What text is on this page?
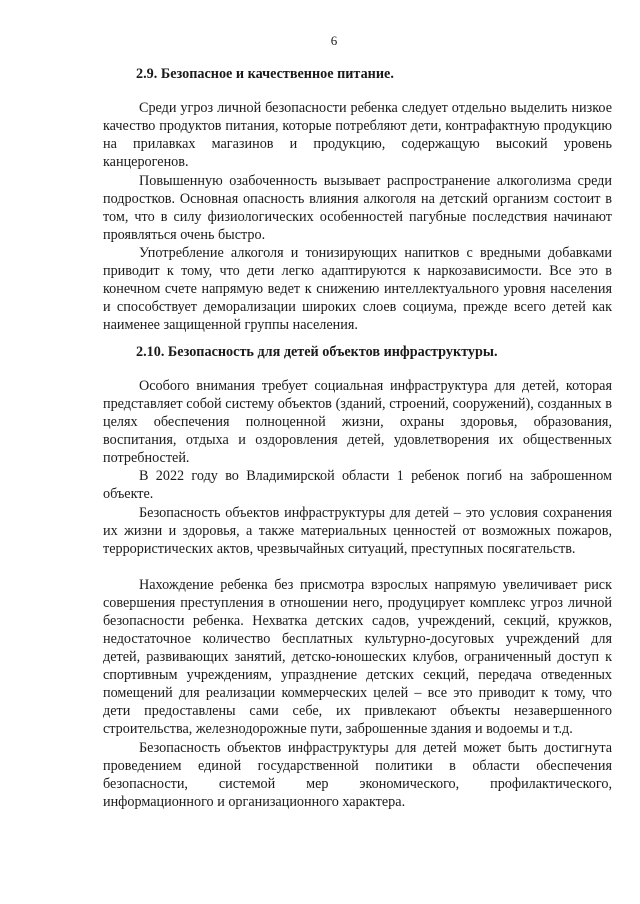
6
2.9. Безопасное и качественное питание.

Среди угроз личной безопасности ребенка следует отдельно выделить низкое качество продуктов питания, которые потребляют дети, контрафактную продукцию на прилавках магазинов и продукцию, содержащую высокий уровень канцерогенов.

Повышенную озабоченность вызывает распространение алкоголизма среди подростков. Основная опасность влияния алкоголя на детский организм состоит в том, что в силу физиологических особенностей пагубные последствия начинают проявляться очень быстро.

Употребление алкоголя и тонизирующих напитков с вредными добавками приводит к тому, что дети легко адаптируются к наркозависимости. Все это в конечном счете напрямую ведет к снижению интеллектуального уровня населения и способствует деморализации широких слоев социума, прежде всего детей как наименее защищенной группы населения.

2.10. Безопасность для детей объектов инфраструктуры.

Особого внимания требует социальная инфраструктура для детей, которая представляет собой систему объектов (зданий, строений, сооружений), созданных в целях обеспечения полноценной жизни, охраны здоровья, образования, воспитания, отдыха и оздоровления детей, удовлетворения их общественных потребностей.

В 2022 году во Владимирской области 1 ребенок погиб на заброшенном объекте.

Безопасность объектов инфраструктуры для детей – это условия сохранения их жизни и здоровья, а также материальных ценностей от возможных пожаров, террористических актов, чрезвычайных ситуаций, преступных посягательств.

Нахождение ребенка без присмотра взрослых напрямую увеличивает риск совершения преступления в отношении него, продуцирует комплекс угроз личной безопасности ребенка. Нехватка детских садов, учреждений, секций, кружков, недостаточное количество бесплатных культурно-досуговых учреждений для детей, развивающих занятий, детско-юношеских клубов, ограниченный доступ к спортивным учреждениям, упразднение детских секций, передача отведенных помещений для реализации коммерческих целей – все это приводит к тому, что дети предоставлены сами себе, их привлекают объекты незавершенного строительства, железнодорожные пути, заброшенные здания и водоемы и т.д.

Безопасность объектов инфраструктуры для детей может быть достигнута проведением единой государственной политики в области обеспечения безопасности, системой мер экономического, профилактического, информационного и организационного характера.
